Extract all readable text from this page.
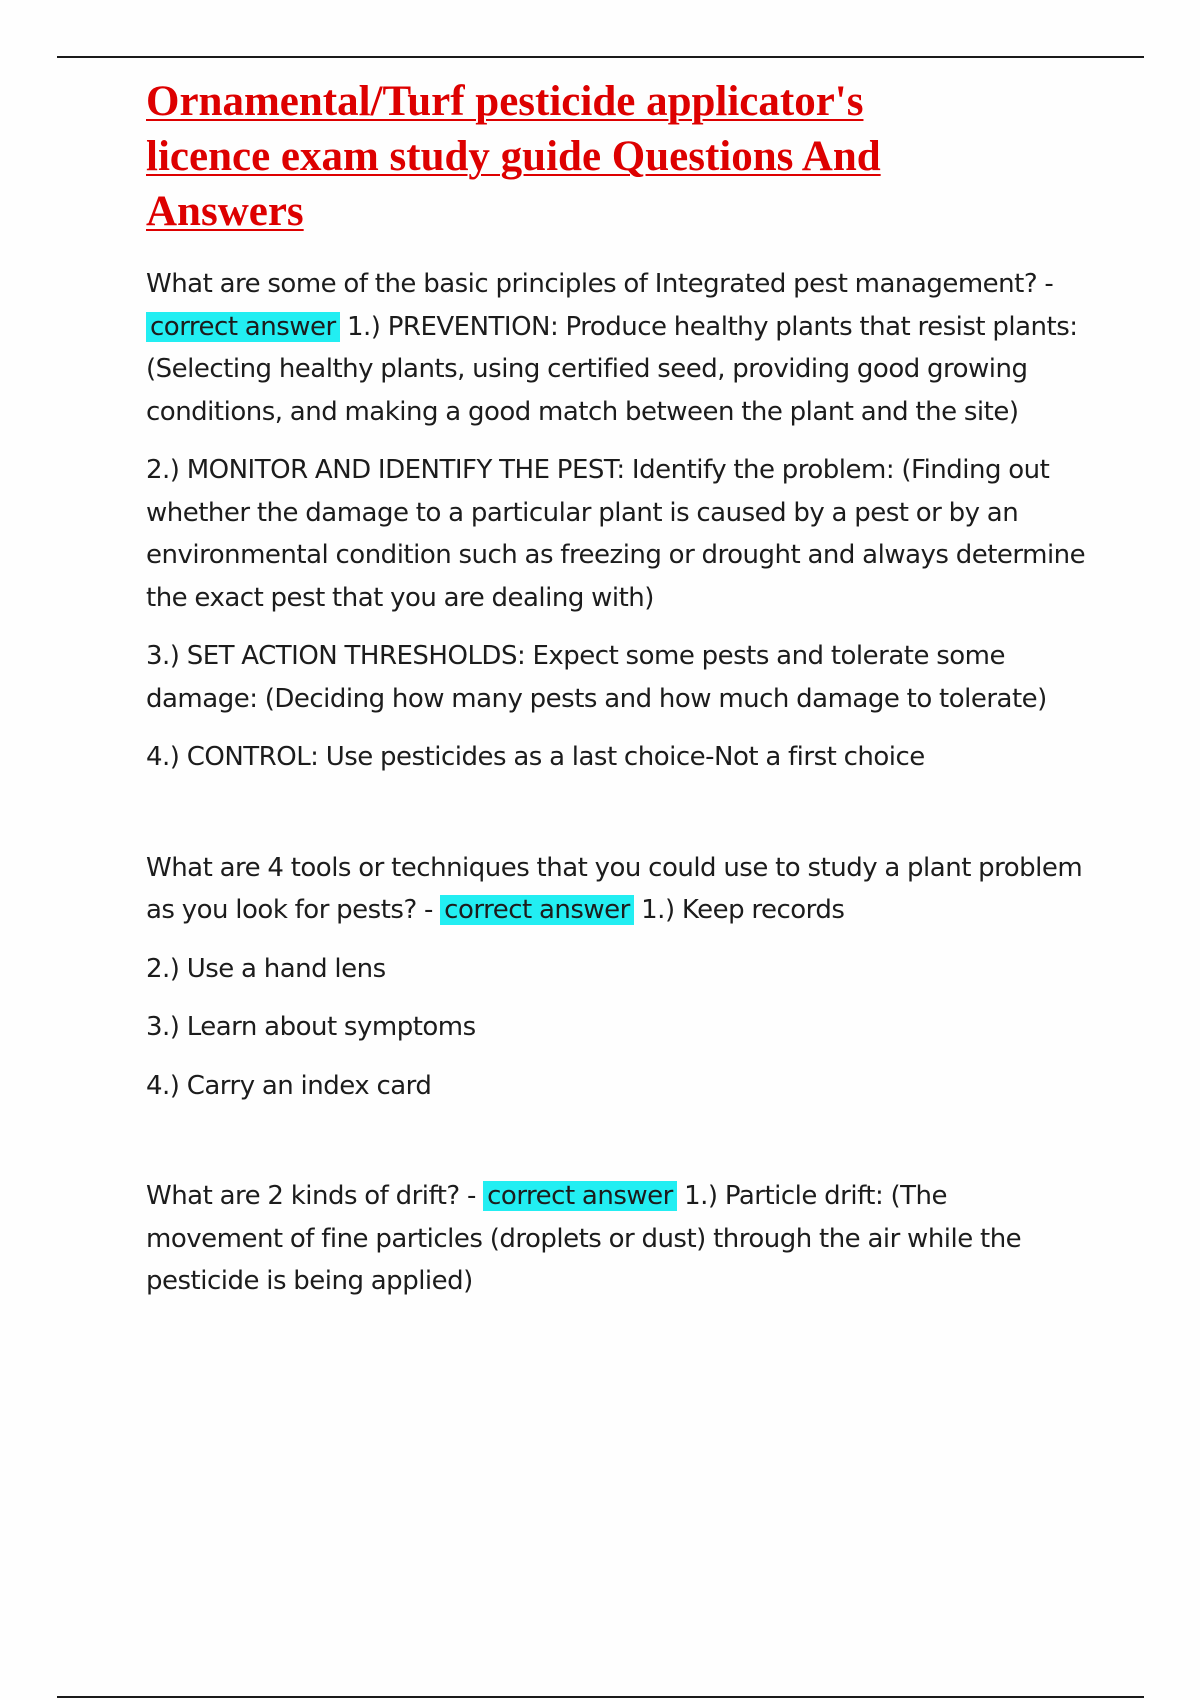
Ornamental/Turf pesticide applicator's
licence exam study guide Questions And
Answers

What are some of the basic principles of Integrated pest management? - correct answer 1.) PREVENTION: Produce healthy plants that resist plants: (Selecting healthy plants, using certified seed, providing good growing conditions, and making a good match between the plant and the site)

2.) MONITOR AND IDENTIFY THE PEST: Identify the problem: (Finding out whether the damage to a particular plant is caused by a pest or by an environmental condition such as freezing or drought and always determine the exact pest that you are dealing with)

3.) SET ACTION THRESHOLDS: Expect some pests and tolerate some damage: (Deciding how many pests and how much damage to tolerate)

4.) CONTROL: Use pesticides as a last choice-Not a first choice

What are 4 tools or techniques that you could use to study a plant problem as you look for pests? - correct answer 1.) Keep records

2.) Use a hand lens

3.) Learn about symptoms

4.) Carry an index card

What are 2 kinds of drift? - correct answer 1.) Particle drift: (The movement of fine particles (droplets or dust) through the air while the pesticide is being applied)
